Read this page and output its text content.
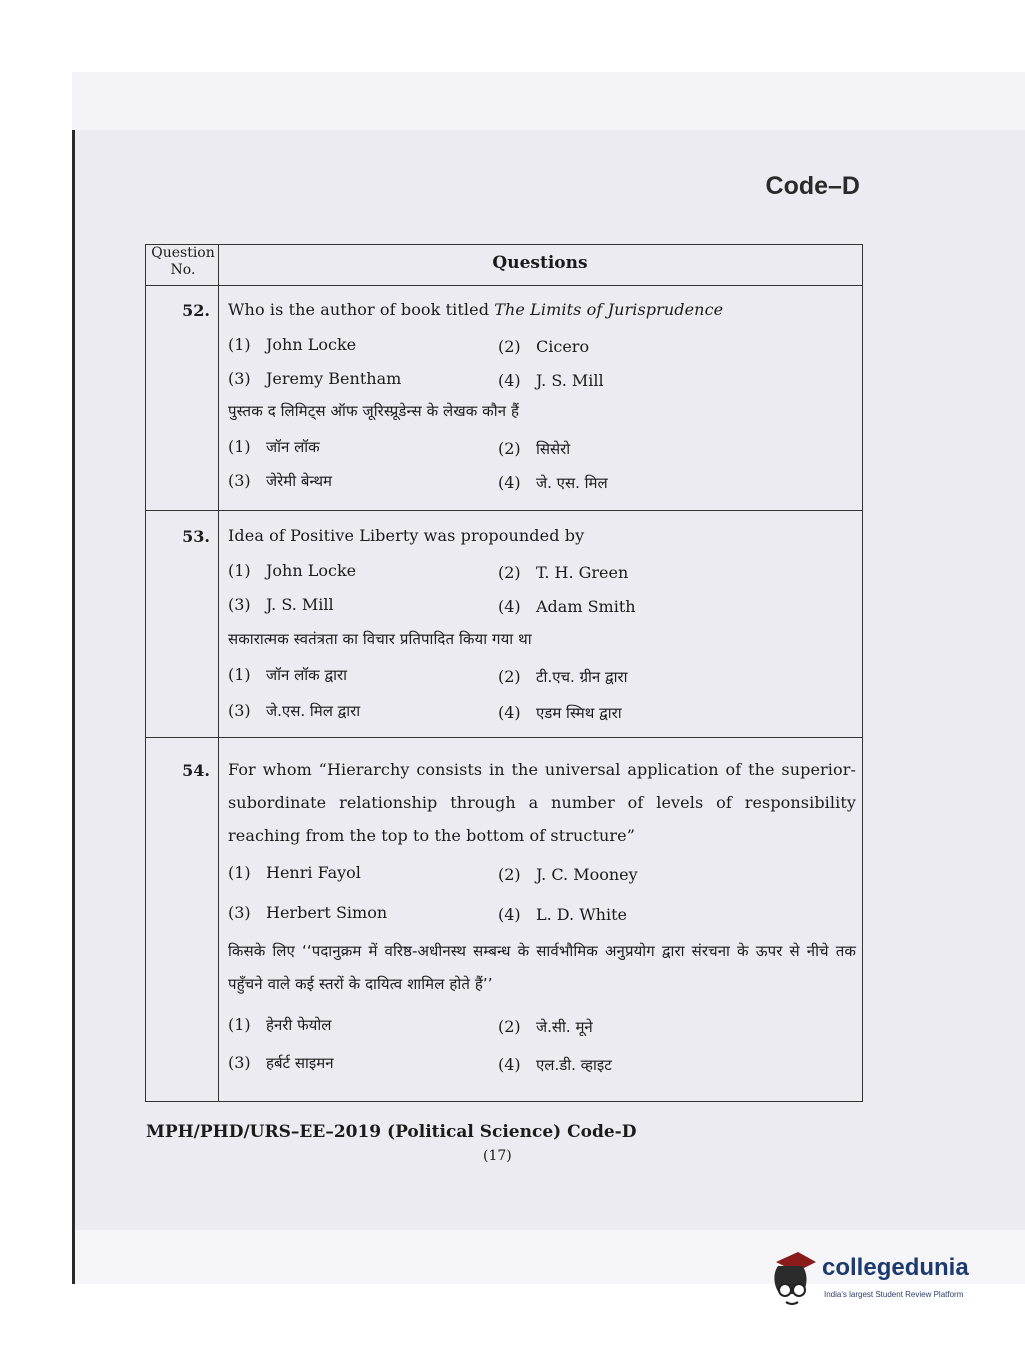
Code–D
Question
No.	Questions
52. Who is the author of book titled The Limits of Jurisprudence
(1) John Locke	(2) Cicero
(3) Jeremy Bentham	(4) J. S. Mill
पुस्तक द लिमिट्स ऑफ जूरिस्प्रूडेन्स के लेखक कौन हैं
(1) जॉन लॉक	(2) सिसेरो
(3) जेरेमी बेन्थम	(4) जे. एस. मिल
53. Idea of Positive Liberty was propounded by
(1) John Locke	(2) T. H. Green
(3) J. S. Mill	(4) Adam Smith
सकारात्मक स्वतंत्रता का विचार प्रतिपादित किया गया था
(1) जॉन लॉक द्वारा	(2) टी.एच. ग्रीन द्वारा
(3) जे.एस. मिल द्वारा	(4) एडम स्मिथ द्वारा
54. For whom “Hierarchy consists in the universal application of the superior-subordinate relationship through a number of levels of responsibility reaching from the top to the bottom of structure”
(1) Henri Fayol	(2) J. C. Mooney
(3) Herbert Simon	(4) L. D. White
किसके लिए ‘‘पदानुक्रम में वरिष्ठ-अधीनस्थ सम्बन्ध के सार्वभौमिक अनुप्रयोग द्वारा संरचना के ऊपर से नीचे तक पहुँचने वाले कई स्तरों के दायित्व शामिल होते हैं’’
(1) हेनरी फेयोल	(2) जे.सी. मूने
(3) हर्बर्ट साइमन	(4) एल.डी. व्हाइट
MPH/PHD/URS–EE–2019 (Political Science) Code-D
(17)
collegedunia
India's largest Student Review Platform
